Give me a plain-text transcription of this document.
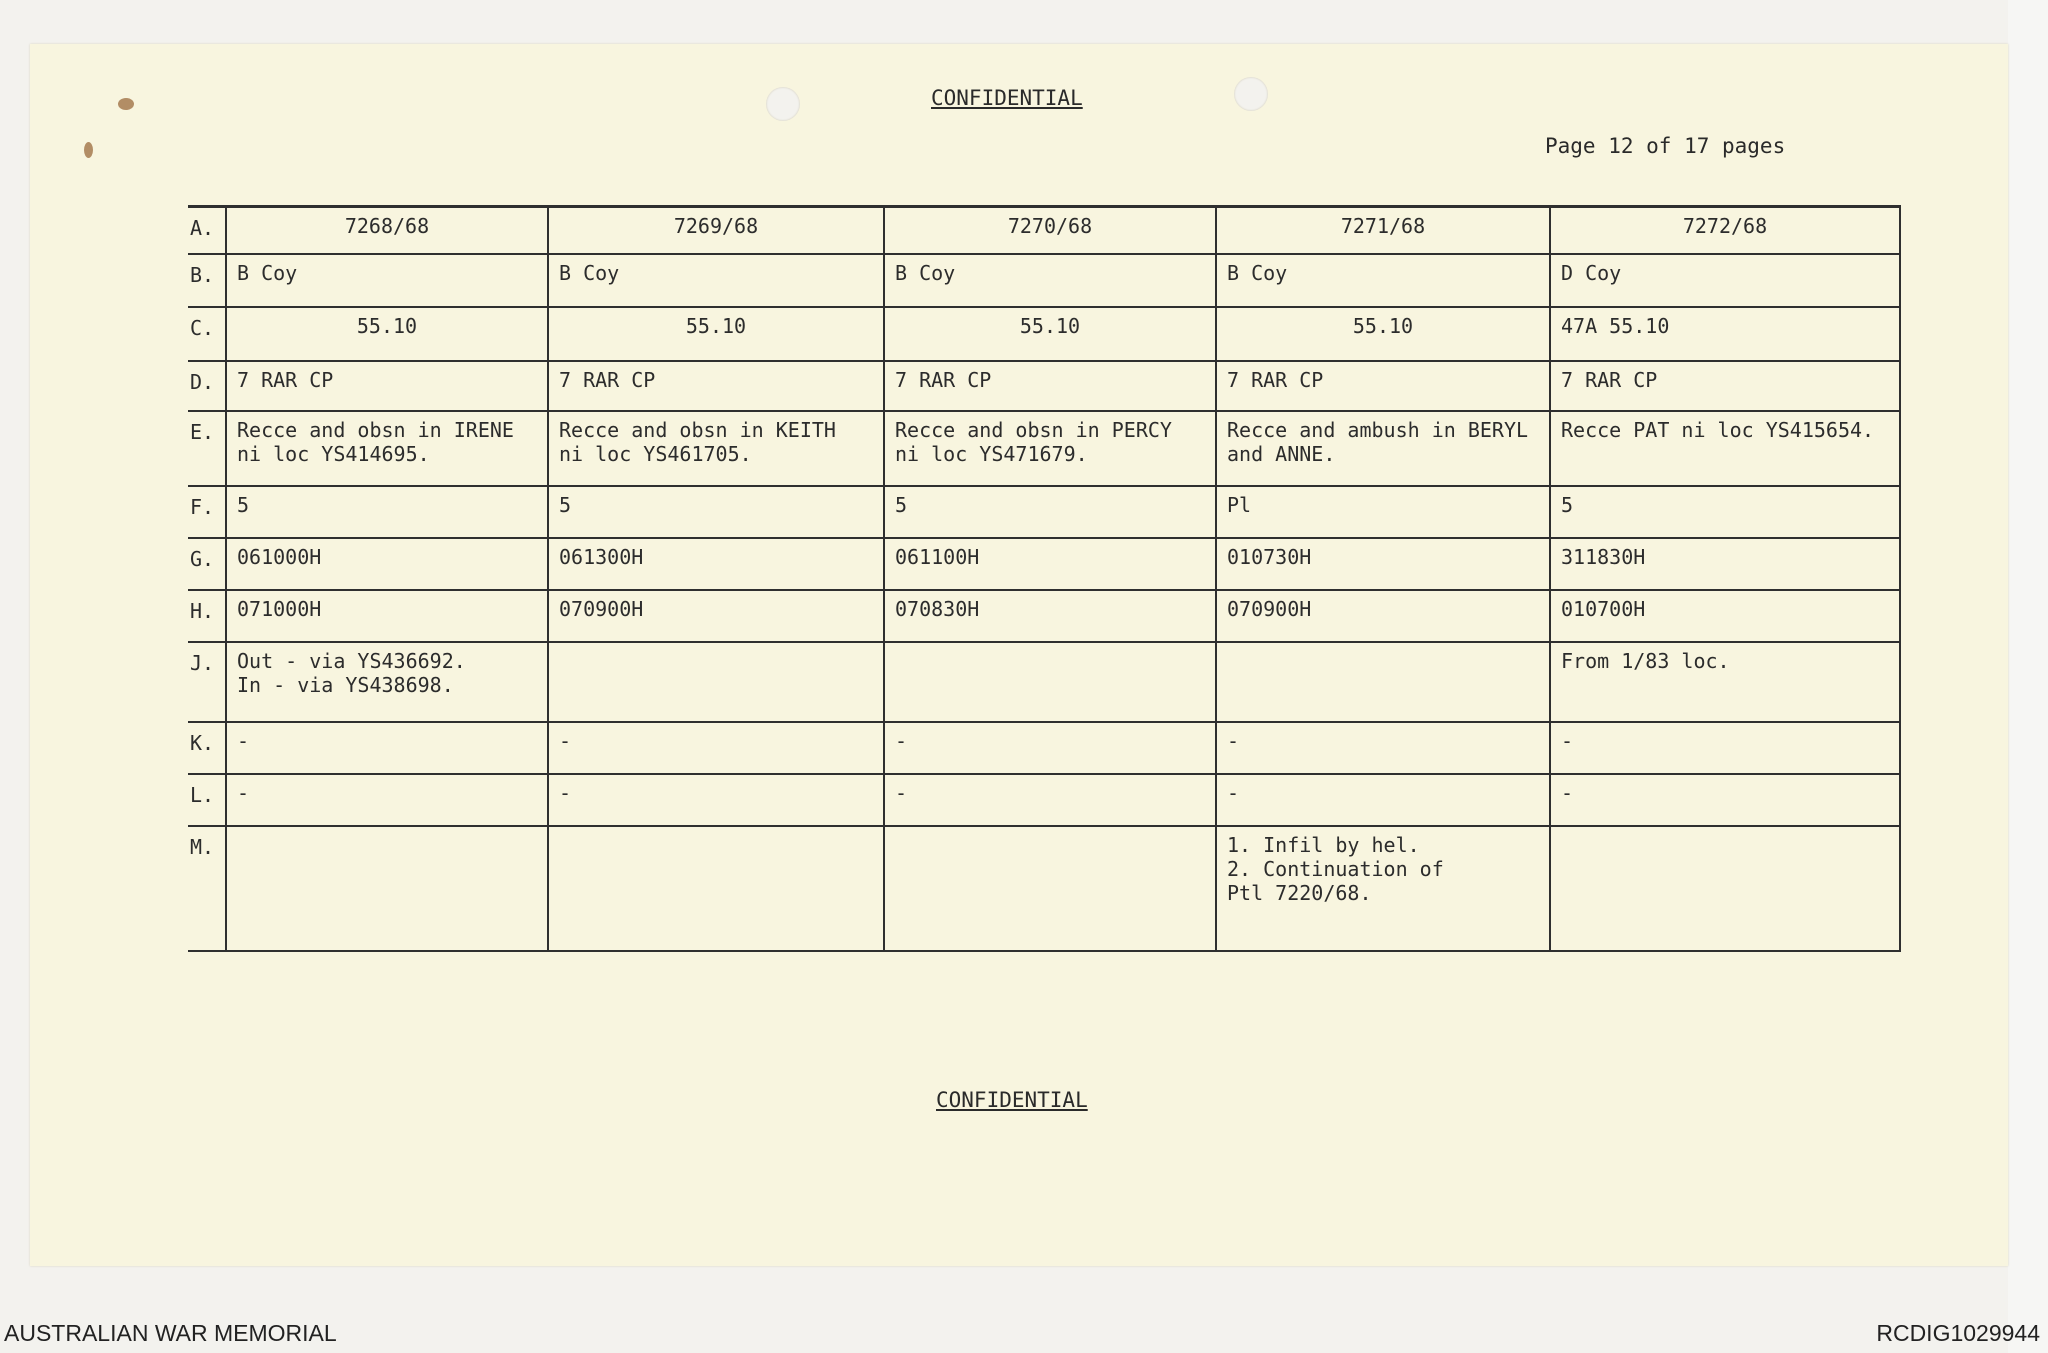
CONFIDENTIAL
Page 12 of 17 pages
A.	7268/68	7269/68	7270/68	7271/68	7272/68
B.	B Coy	B Coy	B Coy	B Coy	D Coy
C.	55.10	55.10	55.10	55.10	47A 55.10
D.	7 RAR CP	7 RAR CP	7 RAR CP	7 RAR CP	7 RAR CP
E.	Recce and obsn in IRENE
ni loc YS414695.	Recce and obsn in KEITH
ni loc YS461705.	Recce and obsn in PERCY
ni loc YS471679.	Recce and ambush in BERYL
and ANNE.	Recce PAT ni loc YS415654.
F.	5	5	5	Pl	5
G.	061000H	061300H	061100H	010730H	311830H
H.	071000H	070900H	070830H	070900H	010700H
J.	Out - via YS436692.
In - via YS438698.				From 1/83 loc.
K.	-	-	-	-	-
L.	-	-	-	-	-
M.				1. Infil by hel.
2. Continuation of
Ptl 7220/68.	
CONFIDENTIAL
AUSTRALIAN WAR MEMORIAL	RCDIG1029944
